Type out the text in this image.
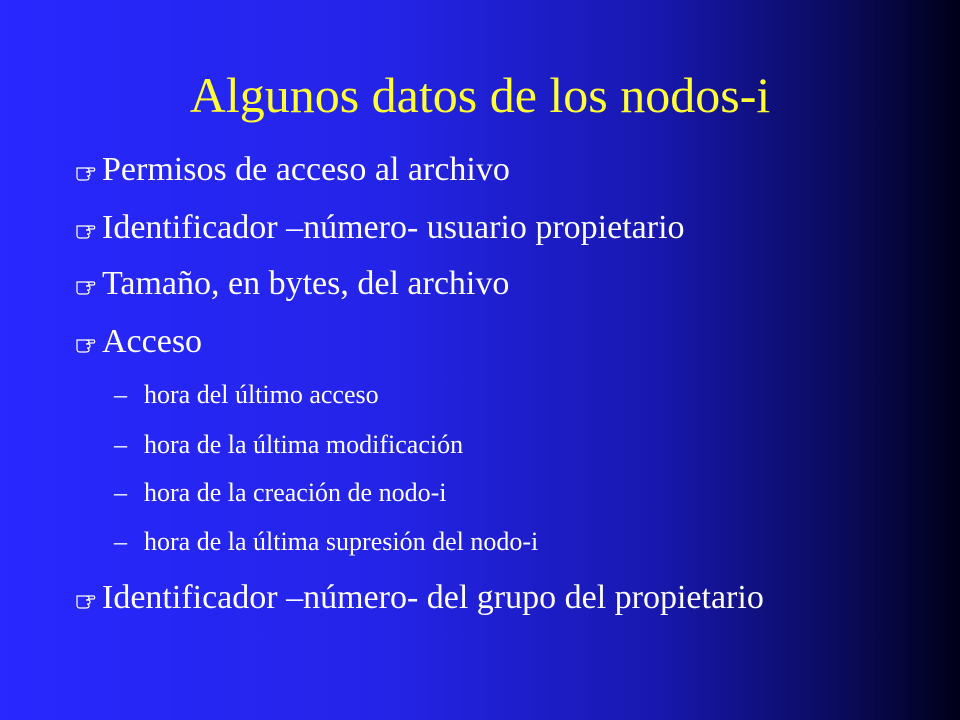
Algunos datos de los nodos-i
Permisos de acceso al archivo
Identificador –número- usuario propietario
Tamaño, en bytes, del archivo
Acceso
– hora del último acceso
– hora de la última modificación
– hora de la creación de nodo-i
– hora de la última supresión del nodo-i
Identificador –número- del grupo del propietario
